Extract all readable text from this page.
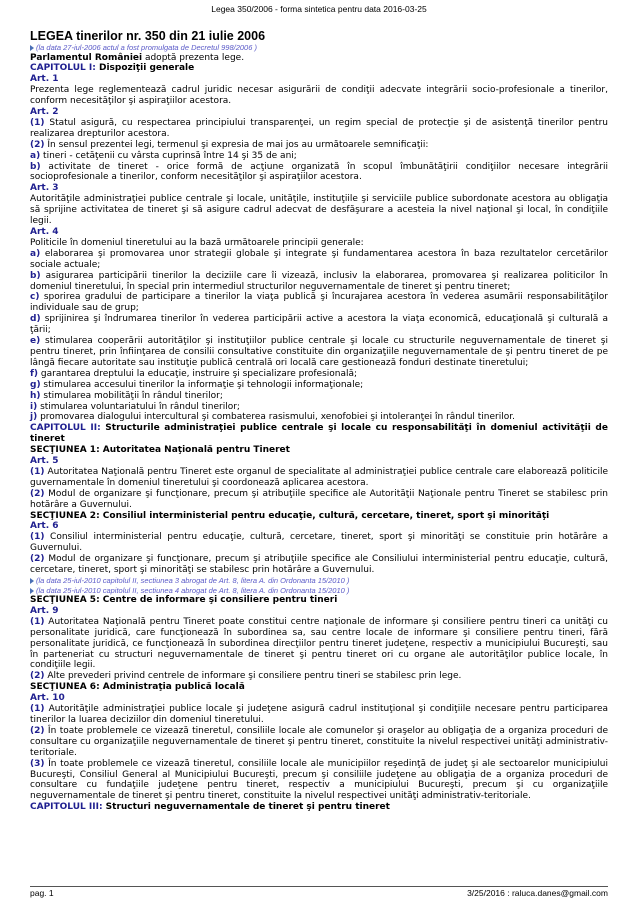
Legea 350/2006 - forma sintetica pentru data 2016-03-25
LEGEA tinerilor nr. 350 din 21 iulie 2006
(la data 27-iul-2006 actul a fost promulgata de Decretul 998/2006 )
Parlamentul României adoptă prezenta lege.
CAPITOLUL I: Dispoziţii generale
Art. 1
Prezenta lege reglementează cadrul juridic necesar asigurării de condiţii adecvate integrării socio-profesionale a tinerilor, conform necesităţilor şi aspiraţiilor acestora.
Art. 2
(1) Statul asigură, cu respectarea principiului transparenţei, un regim special de protecţie şi de asistenţă tinerilor pentru realizarea drepturilor acestora.
(2) În sensul prezentei legi, termenul şi expresia de mai jos au următoarele semnificaţii:
a) tineri - cetăţenii cu vârsta cuprinsă între 14 şi 35 de ani;
b) activitate de tineret - orice formă de acţiune organizată în scopul îmbunătăţirii condiţiilor necesare integrării socioprofesionale a tinerilor, conform necesităţilor şi aspiraţiilor acestora.
Art. 3
Autorităţile administraţiei publice centrale şi locale, unităţile, instituţiile şi serviciile publice subordonate acestora au obligaţia să sprijine activitatea de tineret şi să asigure cadrul adecvat de desfăşurare a acesteia la nivel naţional şi local, în condiţiile legii.
Art. 4
Politicile în domeniul tineretului au la bază următoarele principii generale:
a) elaborarea şi promovarea unor strategii globale şi integrate şi fundamentarea acestora în baza rezultatelor cercetărilor sociale actuale;
b) asigurarea participării tinerilor la deciziile care îi vizează, inclusiv la elaborarea, promovarea şi realizarea politicilor în domeniul tineretului, în special prin intermediul structurilor neguvernamentale de tineret şi pentru tineret;
c) sporirea gradului de participare a tinerilor la viaţa publică şi încurajarea acestora în vederea asumării responsabilităţilor individuale sau de grup;
d) sprijinirea şi îndrumarea tinerilor în vederea participării active a acestora la viaţa economică, educaţională şi culturală a ţării;
e) stimularea cooperării autorităţilor şi instituţiilor publice centrale şi locale cu structurile neguvernamentale de tineret şi pentru tineret, prin înfiinţarea de consilii consultative constituite din organizaţiile neguvernamentale de şi pentru tineret de pe lângă fiecare autoritate sau instituţie publică centrală ori locală care gestionează fonduri destinate tineretului;
f) garantarea dreptului la educaţie, instruire şi specializare profesională;
g) stimularea accesului tinerilor la informaţie şi tehnologii informaţionale;
h) stimularea mobilităţii în rândul tinerilor;
i) stimularea voluntariatului în rândul tinerilor;
j) promovarea dialogului intercultural şi combaterea rasismului, xenofobiei şi intoleranţei în rândul tinerilor.
CAPITOLUL II: Structurile administraţiei publice centrale şi locale cu responsabilităţi în domeniul activităţii de tineret
SECŢIUNEA 1: Autoritatea Naţională pentru Tineret
Art. 5
(1) Autoritatea Naţională pentru Tineret este organul de specialitate al administraţiei publice centrale care elaborează politicile guvernamentale în domeniul tineretului şi coordonează aplicarea acestora.
(2) Modul de organizare şi funcţionare, precum şi atribuţiile specifice ale Autorităţii Naţionale pentru Tineret se stabilesc prin hotărâre a Guvernului.
SECŢIUNEA 2: Consiliul interministerial pentru educaţie, cultură, cercetare, tineret, sport şi minorităţi
Art. 6
(1) Consiliul interministerial pentru educaţie, cultură, cercetare, tineret, sport şi minorităţi se constituie prin hotărâre a Guvernului.
(2) Modul de organizare şi funcţionare, precum şi atribuţiile specifice ale Consiliului interministerial pentru educaţie, cultură, cercetare, tineret, sport şi minorităţi se stabilesc prin hotărâre a Guvernului.
(la data 25-iul-2010 capitolul II, sectiunea 3 abrogat de Art. 8, litera A. din Ordonanta 15/2010 )
(la data 25-iul-2010 capitolul II, sectiunea 4 abrogat de Art. 8, litera A. din Ordonanta 15/2010 )
SECŢIUNEA 5: Centre de informare şi consiliere pentru tineri
Art. 9
(1) Autoritatea Naţională pentru Tineret poate constitui centre naţionale de informare şi consiliere pentru tineri ca unităţi cu personalitate juridică, care funcţionează în subordinea sa, sau centre locale de informare şi consiliere pentru tineri, fără personalitate juridică, ce funcţionează în subordinea direcţiilor pentru tineret judeţene, respectiv a municipiului Bucureşti, sau în parteneriat cu structuri neguvernamentale de tineret şi pentru tineret ori cu organe ale autorităţilor publice locale, în condiţiile legii.
(2) Alte prevederi privind centrele de informare şi consiliere pentru tineri se stabilesc prin lege.
SECŢIUNEA 6: Administraţia publică locală
Art. 10
(1) Autorităţile administraţiei publice locale şi judeţene asigură cadrul instituţional şi condiţiile necesare pentru participarea tinerilor la luarea deciziilor din domeniul tineretului.
(2) În toate problemele ce vizează tineretul, consiliile locale ale comunelor şi oraşelor au obligaţia de a organiza proceduri de consultare cu organizaţiile neguvernamentale de tineret şi pentru tineret, constituite la nivelul respectivei unităţi administrativ-teritoriale.
(3) În toate problemele ce vizează tineretul, consiliile locale ale municipiilor reşedinţă de judeţ şi ale sectoarelor municipiului Bucureşti, Consiliul General al Municipiului Bucureşti, precum şi consiliile judeţene au obligaţia de a organiza proceduri de consultare cu fundaţiile judeţene pentru tineret, respectiv a municipiului Bucureşti, precum şi cu organizaţiile neguvernamentale de tineret şi pentru tineret, constituite la nivelul respectivei unităţi administrativ-teritoriale.
CAPITOLUL III: Structuri neguvernamentale de tineret şi pentru tineret
pag. 1	3/25/2016 : raluca.danes@gmail.com
